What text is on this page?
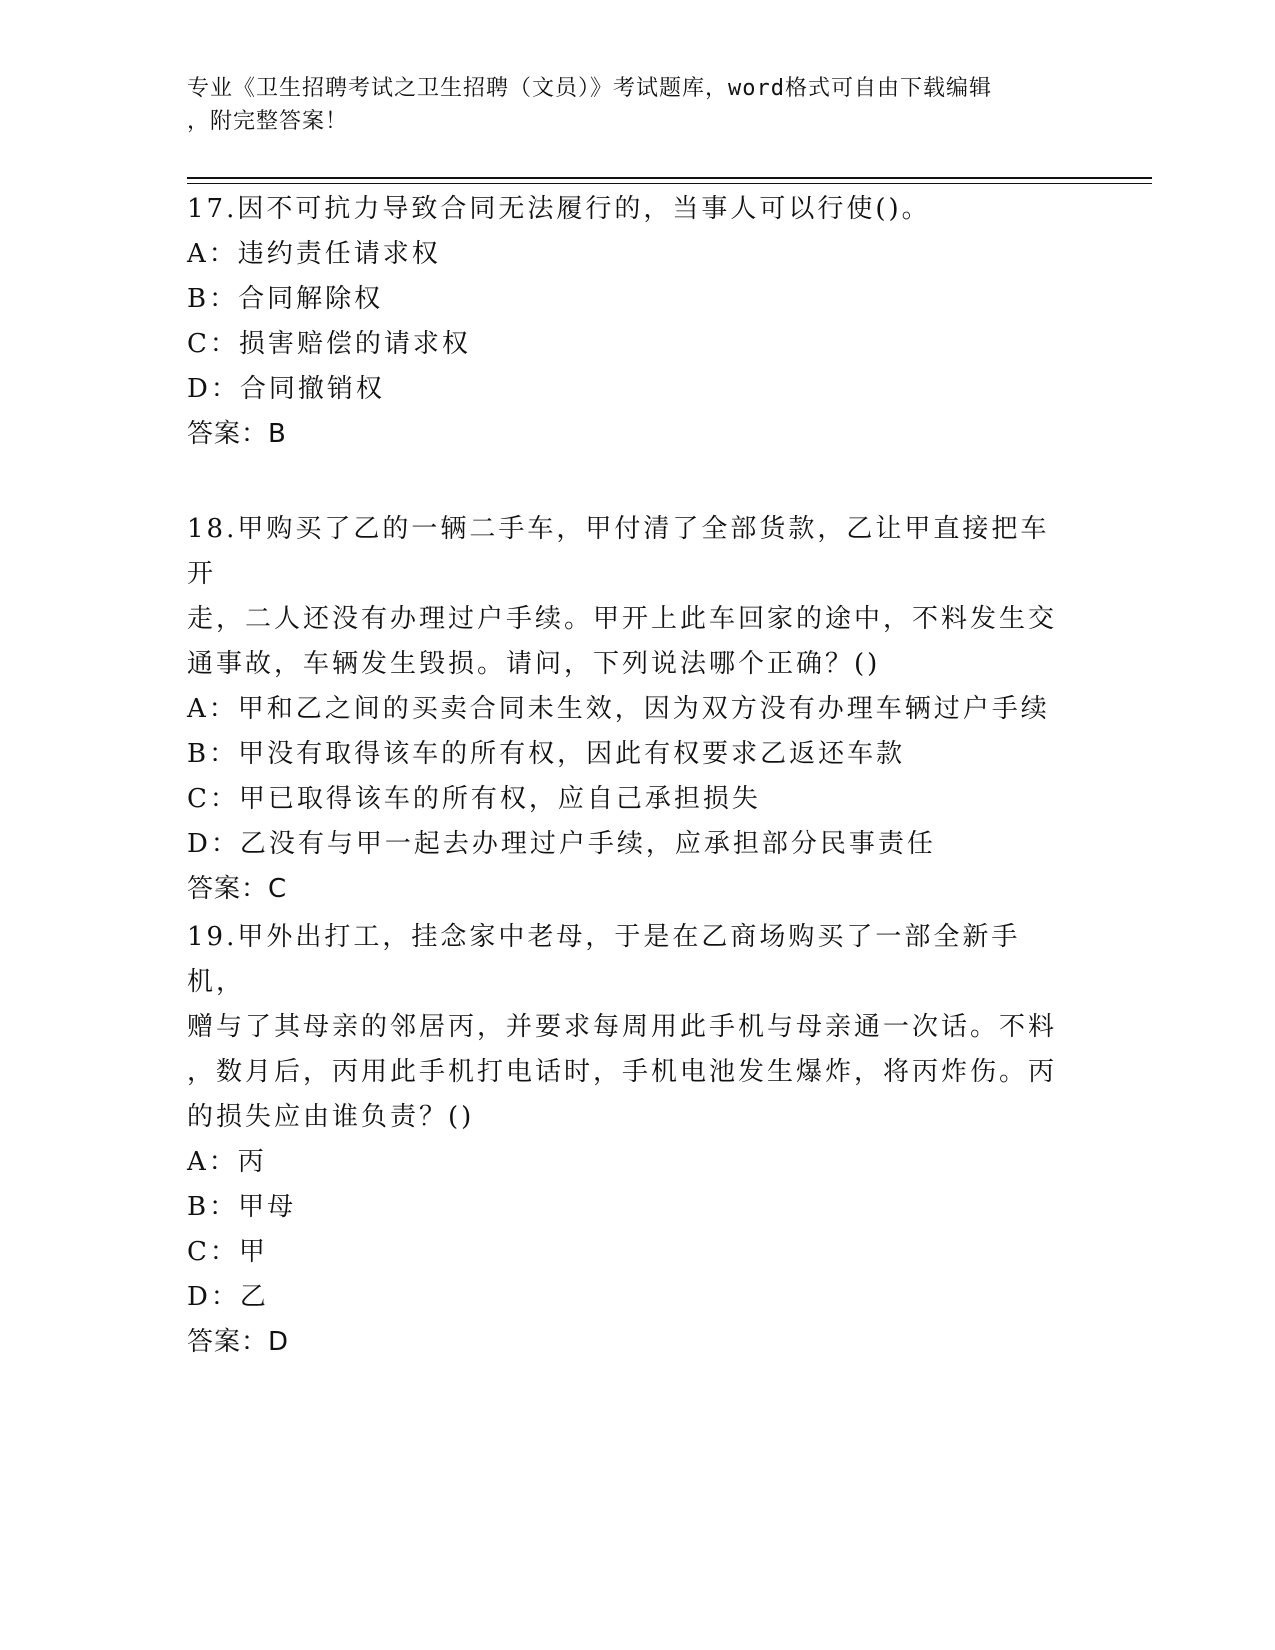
专业《卫生招聘考试之卫生招聘（文员）》考试题库，word格式可自由下载编辑
，附完整答案！

17.因不可抗力导致合同无法履行的，当事人可以行使()。

A：违约责任请求权

B：合同解除权

C：损害赔偿的请求权

D：合同撤销权

答案：B

18.甲购买了乙的一辆二手车，甲付清了全部货款，乙让甲直接把车开

走，二人还没有办理过户手续。甲开上此车回家的途中，不料发生交

通事故，车辆发生毁损。请问，下列说法哪个正确？()

A：甲和乙之间的买卖合同未生效，因为双方没有办理车辆过户手续

B：甲没有取得该车的所有权，因此有权要求乙返还车款

C：甲已取得该车的所有权，应自己承担损失

D：乙没有与甲一起去办理过户手续，应承担部分民事责任

答案：C

19.甲外出打工，挂念家中老母，于是在乙商场购买了一部全新手机，

赠与了其母亲的邻居丙，并要求每周用此手机与母亲通一次话。不料

，数月后，丙用此手机打电话时，手机电池发生爆炸，将丙炸伤。丙

的损失应由谁负责？()

A：丙

B：甲母

C：甲

D：乙

答案：D
